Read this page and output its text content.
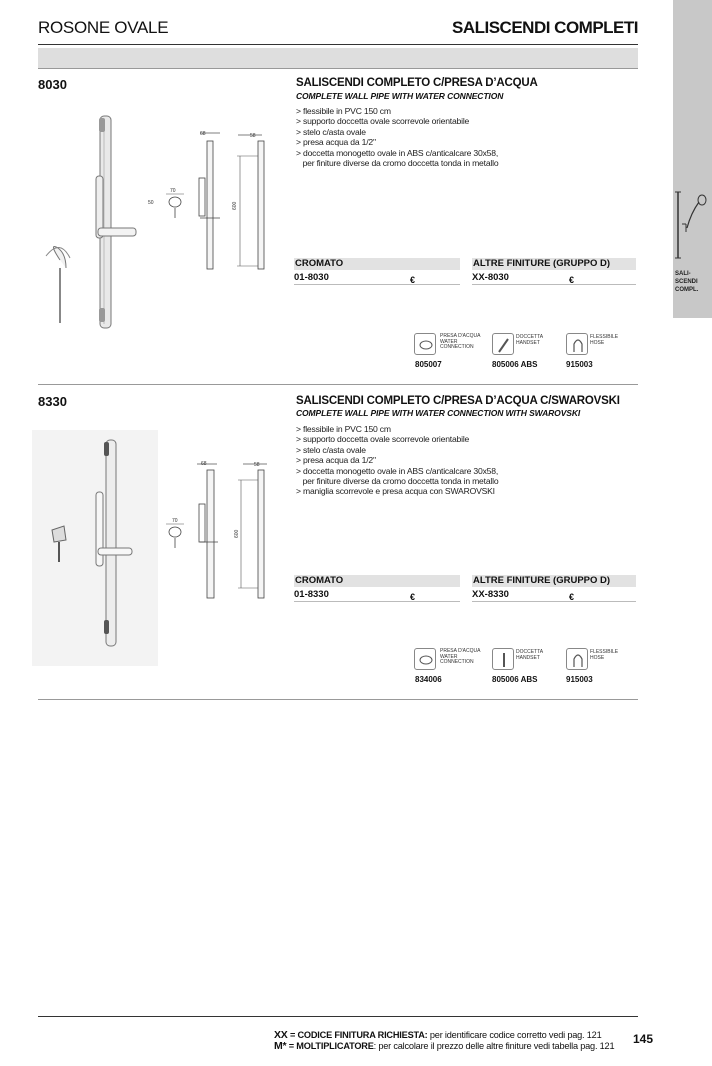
ROSONE OVALE	SALISCENDI COMPLETI
SALI-
SCENDI
COMPL.
8030
68	58
600
70
50
SALISCENDI COMPLETO C/PRESA D’ACQUA
COMPLETE WALL PIPE WITH WATER CONNECTION
> flessibile in PVC 150 cm
> supporto doccetta ovale scorrevole orientabile
> stelo c/asta ovale
> presa acqua da 1/2"
> doccetta monogetto ovale in ABS c/anticalcare 30x58,
per finiture diverse da cromo doccetta tonda in metallo
CROMATO	ALTRE FINITURE (GRUPPO D)
01-8030	€	XX-8030	€
PRESA D'ACQUA
WATER
CONNECTION
805007
DOCCETTA
HANDSET
805006 ABS
FLESSIBILE
HOSE
915003
8330
68	58
600
70
SALISCENDI COMPLETO C/PRESA D’ACQUA C/SWAROVSKI
COMPLETE WALL PIPE WITH WATER CONNECTION WITH SWAROVSKI
> flessibile in PVC 150 cm
> supporto doccetta ovale scorrevole orientabile
> stelo c/asta ovale
> presa acqua da 1/2"
> doccetta monogetto ovale in ABS c/anticalcare 30x58,
per finiture diverse da cromo doccetta tonda in metallo
> maniglia scorrevole e presa acqua con SWAROVSKI
CROMATO	ALTRE FINITURE (GRUPPO D)
01-8330	€	XX-8330	€
PRESA D'ACQUA
WATER
CONNECTION
834006
DOCCETTA
HANDSET
805006 ABS
FLESSIBILE
HOSE
915003
XX = CODICE FINITURA RICHIESTA: per identificare codice corretto vedi pag. 121
M* = MOLTIPLICATORE: per calcolare il prezzo delle altre finiture vedi tabella pag. 121 145
